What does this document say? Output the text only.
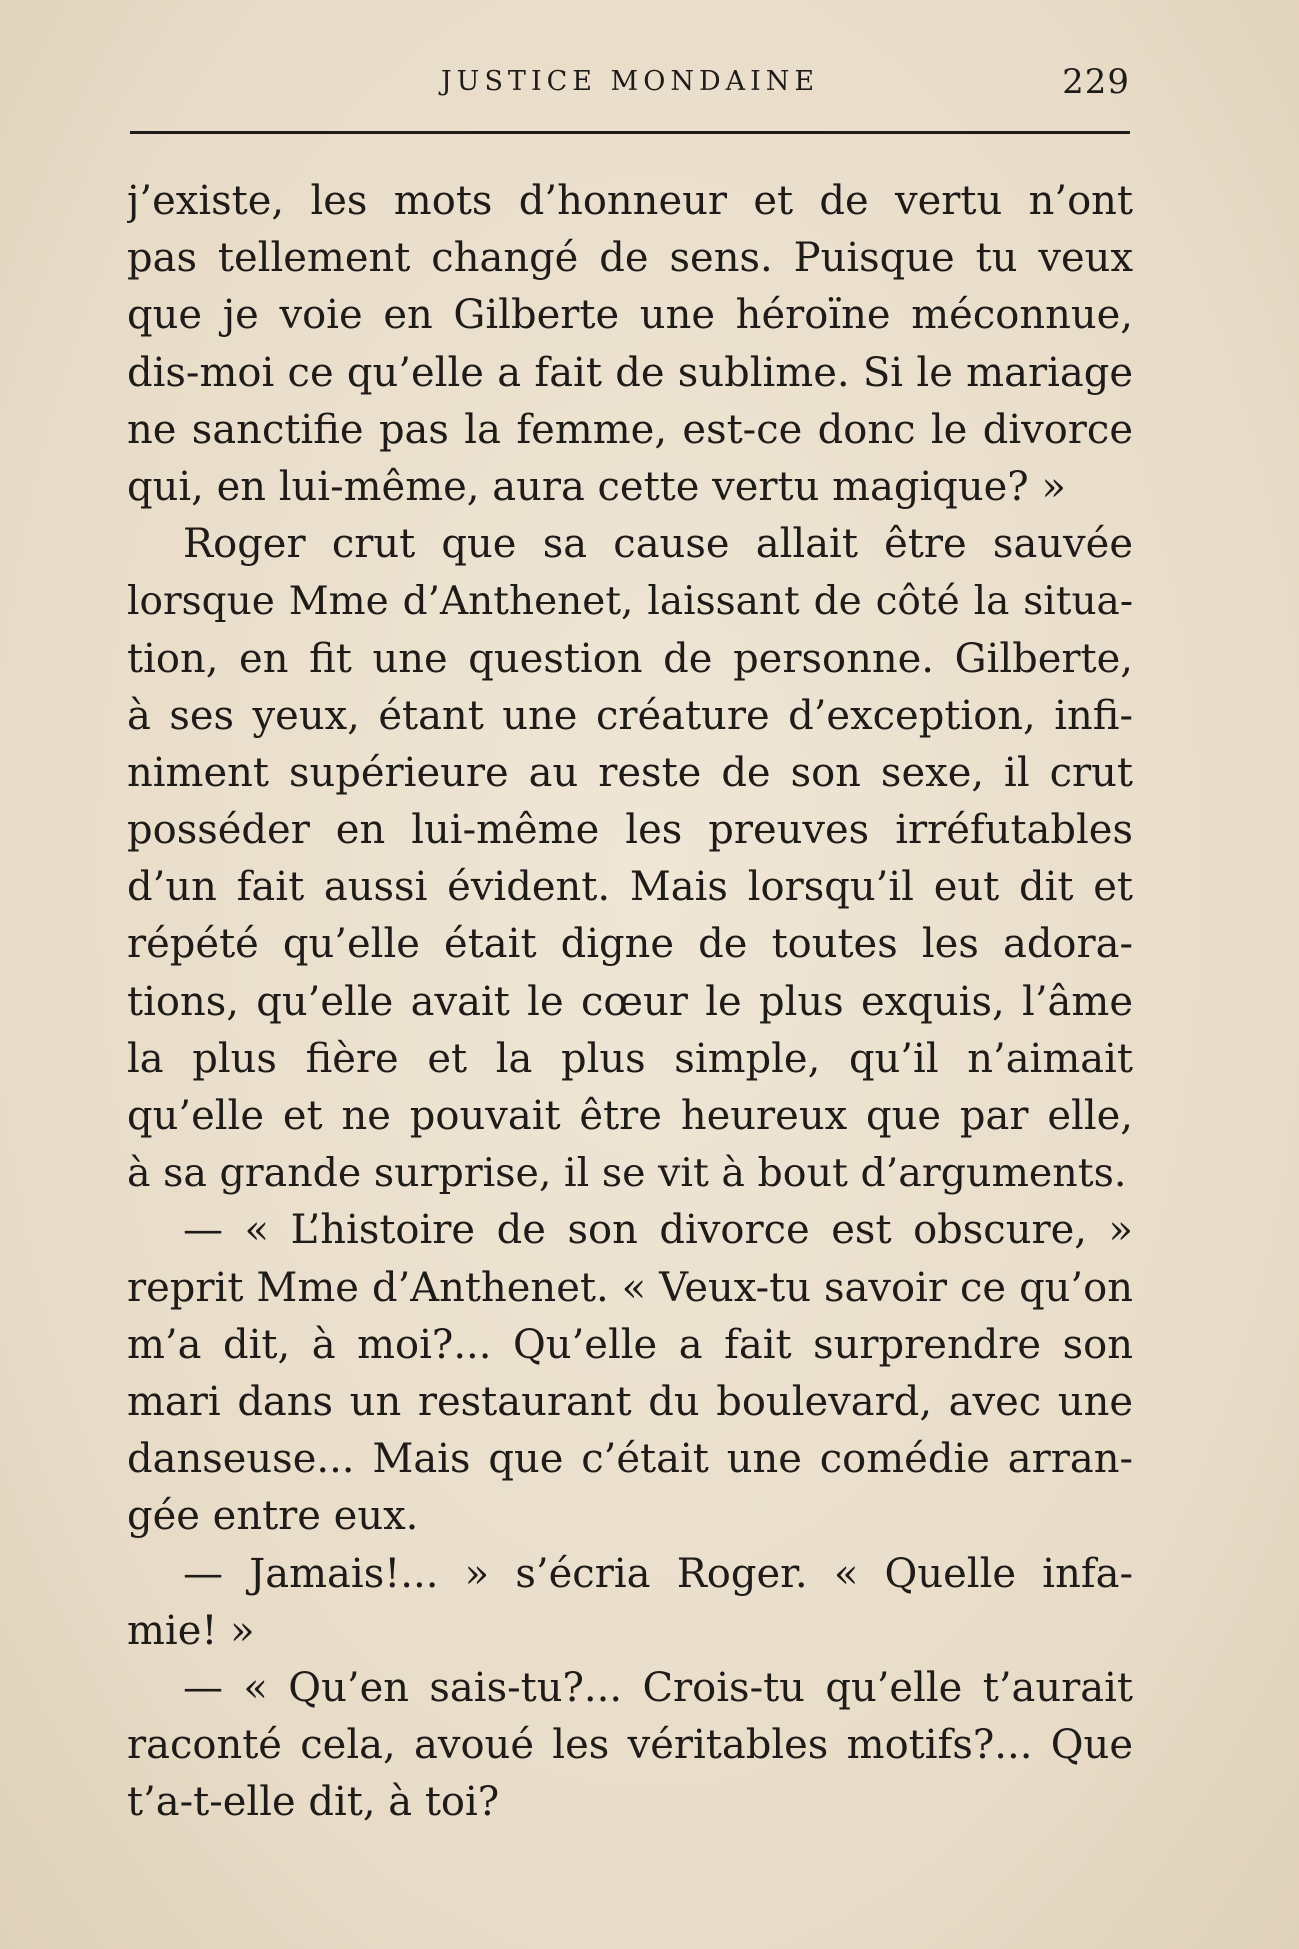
JUSTICE MONDAINE	229
j’existe, les mots d’honneur et de vertu n’ont
pas tellement changé de sens. Puisque tu veux
que je voie en Gilberte une héroïne méconnue,
dis-moi ce qu’elle a fait de sublime. Si le mariage
ne sanctifie pas la femme, est-ce donc le divorce
qui, en lui-même, aura cette vertu magique? »
Roger crut que sa cause allait être sauvée
lorsque Mme d’Anthenet, laissant de côté la situa-
tion, en fit une question de personne. Gilberte,
à ses yeux, étant une créature d’exception, infi-
niment supérieure au reste de son sexe, il crut
posséder en lui-même les preuves irréfutables
d’un fait aussi évident. Mais lorsqu’il eut dit et
répété qu’elle était digne de toutes les adora-
tions, qu’elle avait le cœur le plus exquis, l’âme
la plus fière et la plus simple, qu’il n’aimait
qu’elle et ne pouvait être heureux que par elle,
à sa grande surprise, il se vit à bout d’arguments.
— « L’histoire de son divorce est obscure, »
reprit Mme d’Anthenet. « Veux-tu savoir ce qu’on
m’a dit, à moi?... Qu’elle a fait surprendre son
mari dans un restaurant du boulevard, avec une
danseuse... Mais que c’était une comédie arran-
gée entre eux.
— Jamais!... » s’écria Roger. « Quelle infa-
mie! »
— « Qu’en sais-tu?... Crois-tu qu’elle t’aurait
raconté cela, avoué les véritables motifs?... Que
t’a-t-elle dit, à toi?
